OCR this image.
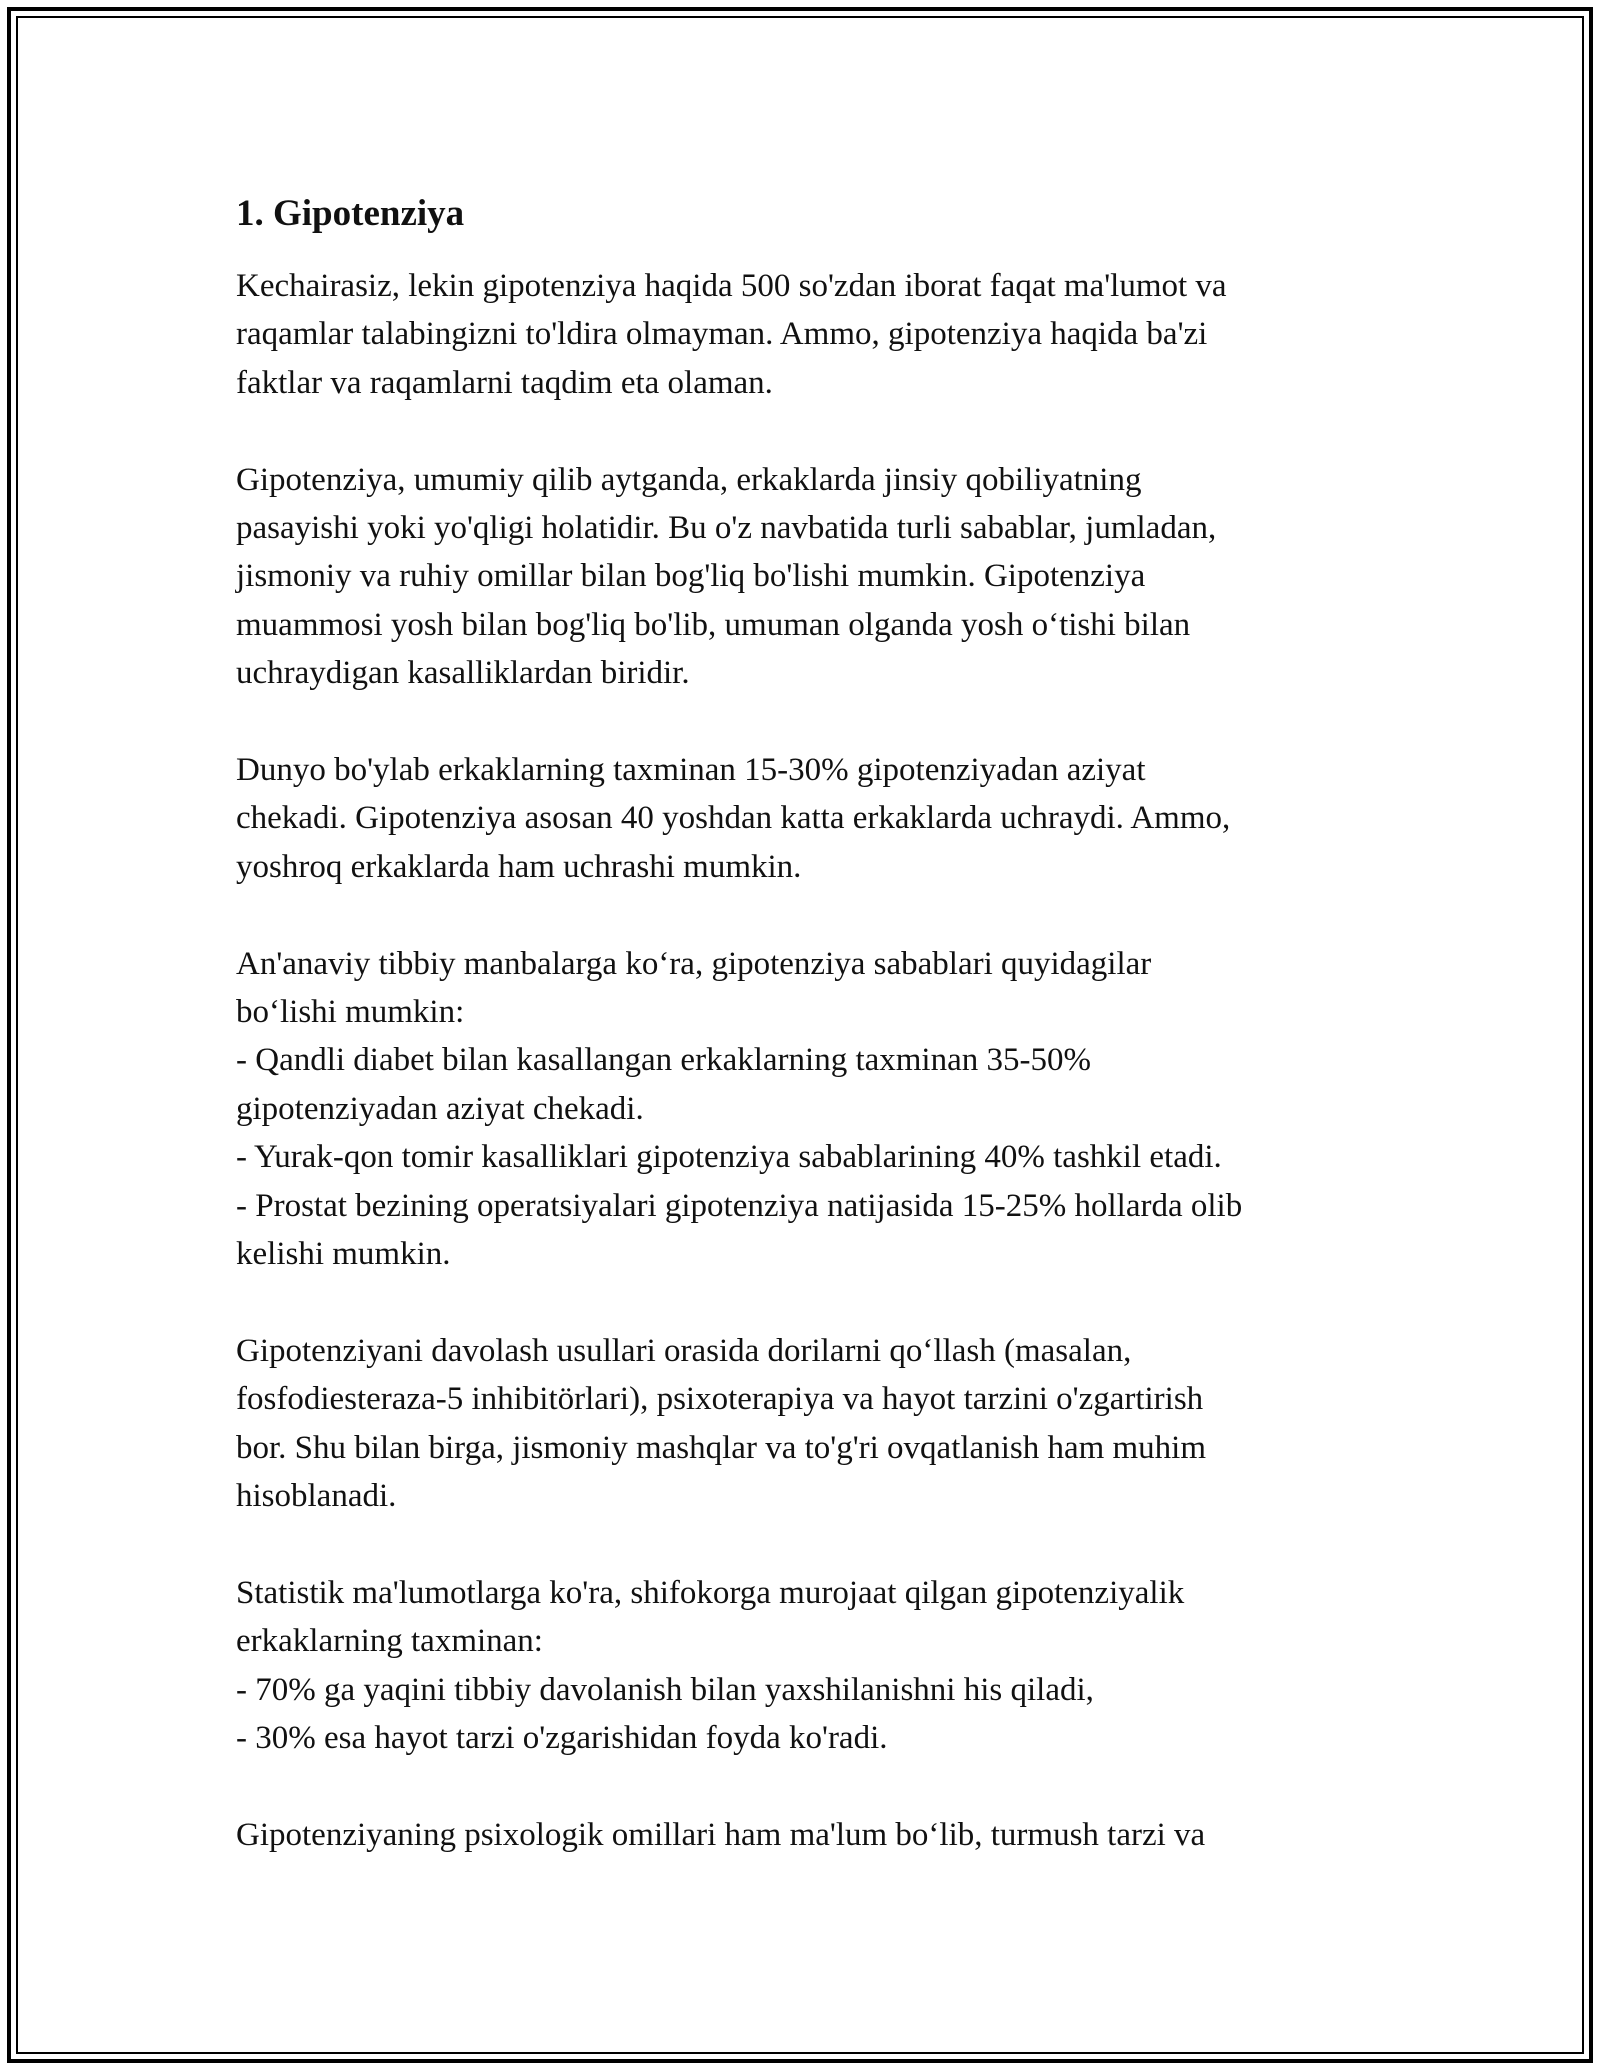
1. Gipotenziya

Kechairasiz, lekin gipotenziya haqida 500 so'zdan iborat faqat ma'lumot va
raqamlar talabingizni to'ldira olmayman. Ammo, gipotenziya haqida ba'zi
faktlar va raqamlarni taqdim eta olaman.

Gipotenziya, umumiy qilib aytganda, erkaklarda jinsiy qobiliyatning
pasayishi yoki yo'qligi holatidir. Bu o'z navbatida turli sabablar, jumladan,
jismoniy va ruhiy omillar bilan bog'liq bo'lishi mumkin. Gipotenziya
muammosi yosh bilan bog'liq bo'lib, umuman olganda yosh o‘tishi bilan
uchraydigan kasalliklardan biridir.

Dunyo bo'ylab erkaklarning taxminan 15-30% gipotenziyadan aziyat
chekadi. Gipotenziya asosan 40 yoshdan katta erkaklarda uchraydi. Ammo,
yoshroq erkaklarda ham uchrashi mumkin.

An'anaviy tibbiy manbalarga ko‘ra, gipotenziya sabablari quyidagilar
bo‘lishi mumkin:
- Qandli diabet bilan kasallangan erkaklarning taxminan 35-50%
gipotenziyadan aziyat chekadi.
- Yurak-qon tomir kasalliklari gipotenziya sabablarining 40% tashkil etadi.
- Prostat bezining operatsiyalari gipotenziya natijasida 15-25% hollarda olib
kelishi mumkin.

Gipotenziyani davolash usullari orasida dorilarni qo‘llash (masalan,
fosfodiesteraza-5 inhibitörlari), psixoterapiya va hayot tarzini o'zgartirish
bor. Shu bilan birga, jismoniy mashqlar va to'g'ri ovqatlanish ham muhim
hisoblanadi.

Statistik ma'lumotlarga ko'ra, shifokorga murojaat qilgan gipotenziyalik
erkaklarning taxminan:
- 70% ga yaqini tibbiy davolanish bilan yaxshilanishni his qiladi,
- 30% esa hayot tarzi o'zgarishidan foyda ko'radi.

Gipotenziyaning psixologik omillari ham ma'lum bo‘lib, turmush tarzi va
